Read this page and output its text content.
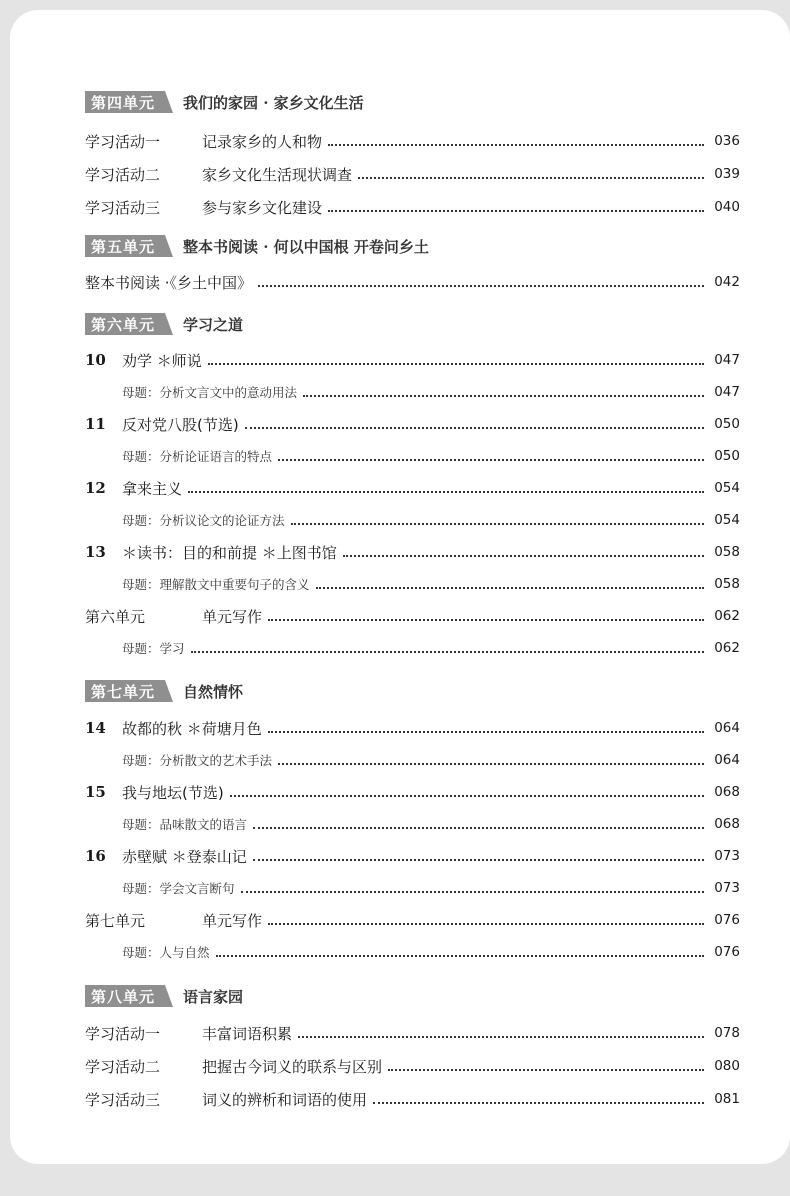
第四单元	我们的家园 · 家乡文化生活
学习活动一	记录家乡的人和物	036
学习活动二	家乡文化生活现状调查	039
学习活动三	参与家乡文化建设	040
第五单元	整本书阅读 · 何以中国根 开卷问乡土
整本书阅读 ·《乡土中国》	042
第六单元	学习之道
10	劝学 ＊师说	047
母题：分析文言文中的意动用法	047
11	反对党八股(节选)	050
母题：分析论证语言的特点	050
12	拿来主义	054
母题：分析议论文的论证方法	054
13	＊读书：目的和前提 ＊上图书馆	058
母题：理解散文中重要句子的含义	058
第六单元	单元写作	062
母题：学习	062
第七单元	自然情怀
14	故都的秋 ＊荷塘月色	064
母题：分析散文的艺术手法	064
15	我与地坛(节选)	068
母题：品味散文的语言	068
16	赤壁赋 ＊登泰山记	073
母题：学会文言断句	073
第七单元	单元写作	076
母题：人与自然	076
第八单元	语言家园
学习活动一	丰富词语积累	078
学习活动二	把握古今词义的联系与区别	080
学习活动三	词义的辨析和词语的使用	081
